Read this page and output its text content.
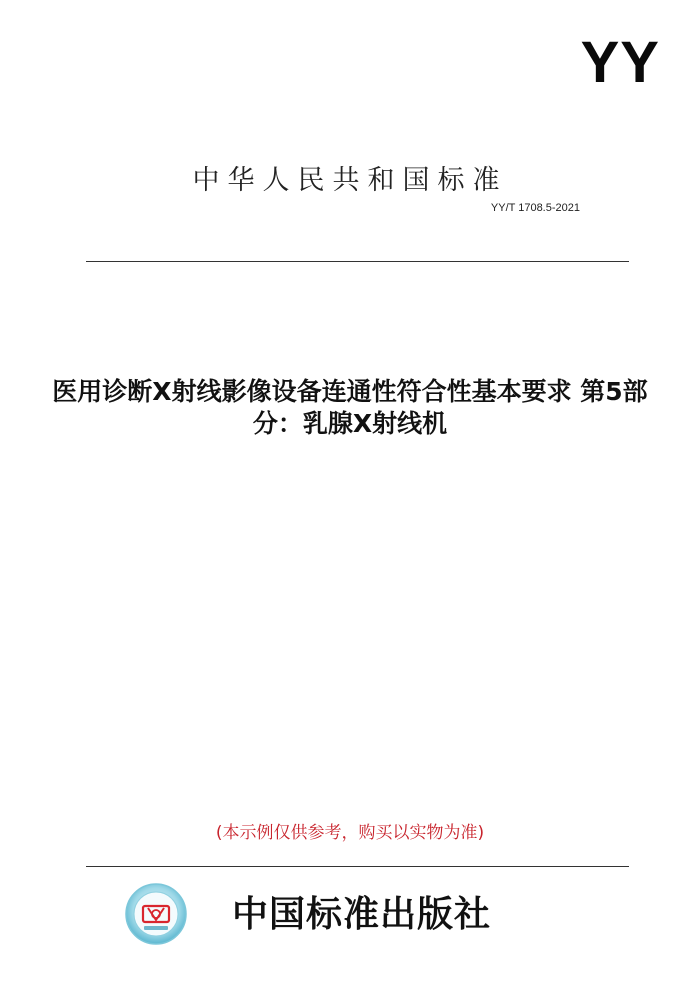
YY
中华人民共和国标准
YY/T 1708.5-2021
医用诊断X射线影像设备连通性符合性基本要求 第5部分：乳腺X射线机
(本示例仅供参考，购买以实物为准)
中国标准出版社
